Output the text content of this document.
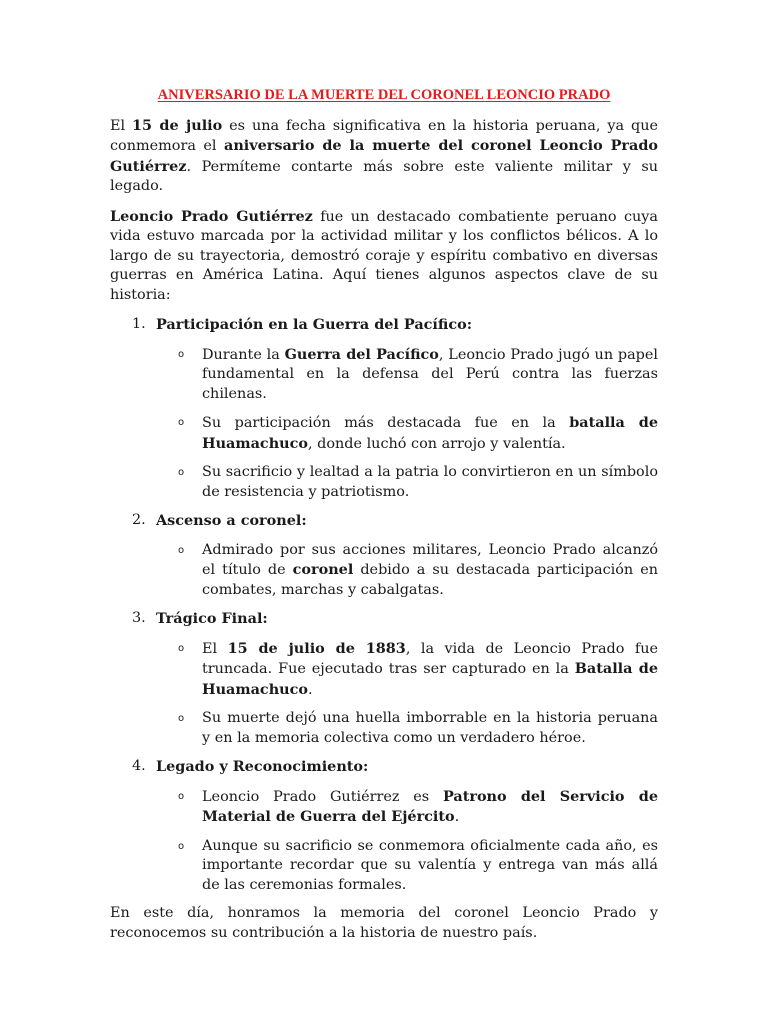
ANIVERSARIO DE LA MUERTE DEL CORONEL LEONCIO PRADO

El 15 de julio es una fecha significativa en la historia peruana, ya que conmemora el aniversario de la muerte del coronel Leoncio Prado Gutiérrez. Permíteme contarte más sobre este valiente militar y su legado.

Leoncio Prado Gutiérrez fue un destacado combatiente peruano cuya vida estuvo marcada por la actividad militar y los conflictos bélicos. A lo largo de su trayectoria, demostró coraje y espíritu combativo en diversas guerras en América Latina. Aquí tienes algunos aspectos clave de su historia:

1. Participación en la Guerra del Pacífico:
o Durante la Guerra del Pacífico, Leoncio Prado jugó un papel fundamental en la defensa del Perú contra las fuerzas chilenas.
o Su participación más destacada fue en la batalla de Huamachuco, donde luchó con arrojo y valentía.
o Su sacrificio y lealtad a la patria lo convirtieron en un símbolo de resistencia y patriotismo.
2. Ascenso a coronel:
o Admirado por sus acciones militares, Leoncio Prado alcanzó el título de coronel debido a su destacada participación en combates, marchas y cabalgatas.
3. Trágico Final:
o El 15 de julio de 1883, la vida de Leoncio Prado fue truncada. Fue ejecutado tras ser capturado en la Batalla de Huamachuco.
o Su muerte dejó una huella imborrable en la historia peruana y en la memoria colectiva como un verdadero héroe.
4. Legado y Reconocimiento:
o Leoncio Prado Gutiérrez es Patrono del Servicio de Material de Guerra del Ejército.
o Aunque su sacrificio se conmemora oficialmente cada año, es importante recordar que su valentía y entrega van más allá de las ceremonias formales.

En este día, honramos la memoria del coronel Leoncio Prado y reconocemos su contribución a la historia de nuestro país.
